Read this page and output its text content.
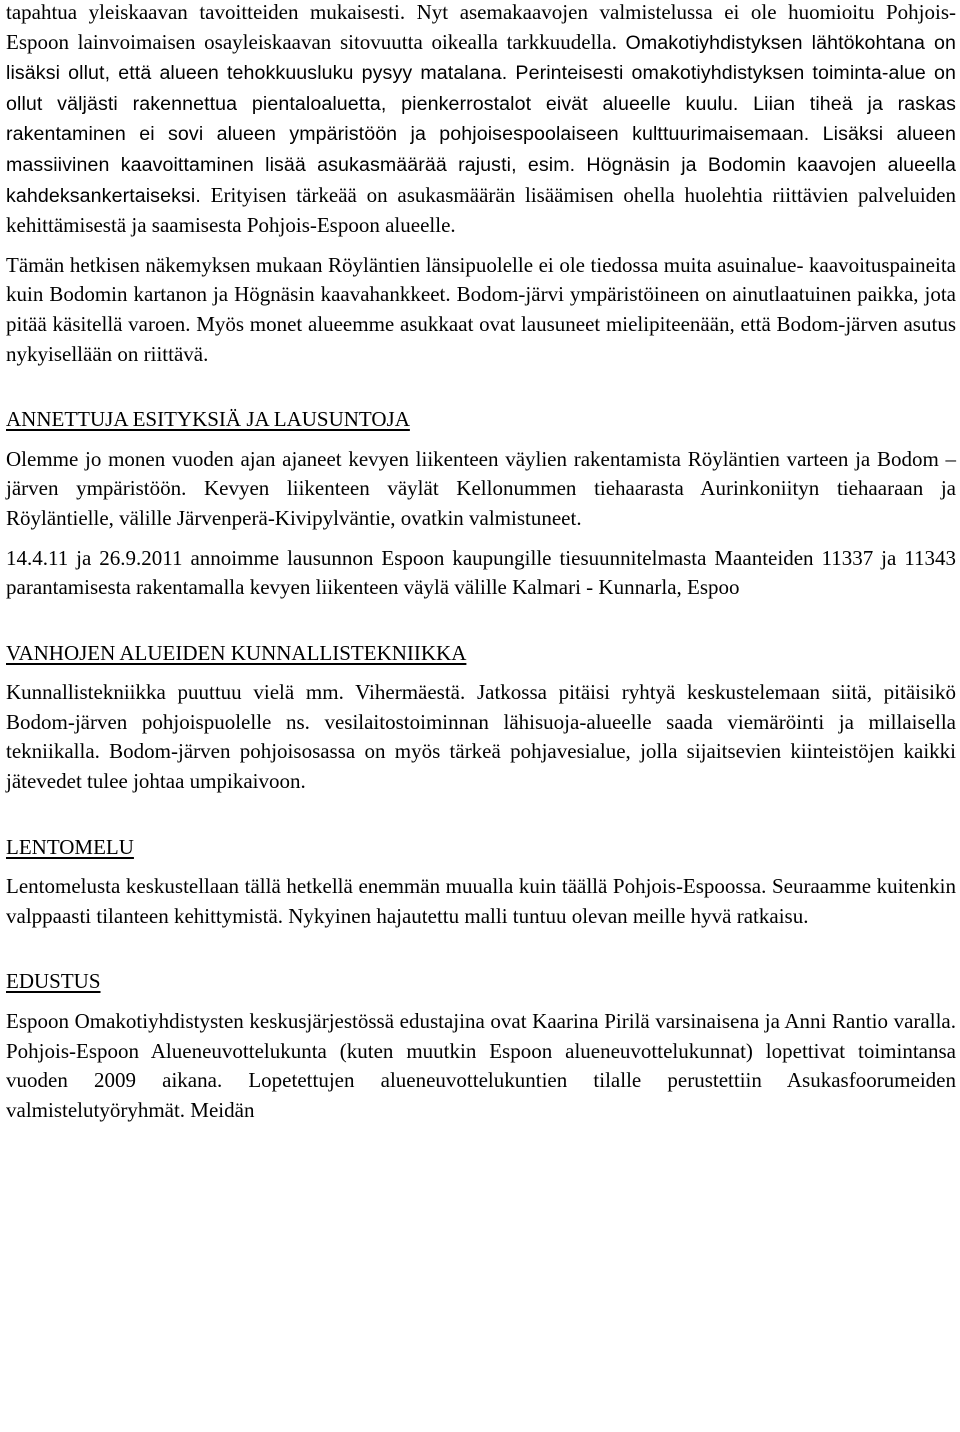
tapahtua yleiskaavan tavoitteiden mukaisesti. Nyt asemakaavojen valmistelussa ei ole huomioitu Pohjois-Espoon lainvoimaisen osayleiskaavan sitovuutta oikealla tarkkuudella. Omakotiyhdistyksen lähtökohtana on lisäksi ollut, että alueen tehokkuusluku pysyy matalana. Perinteisesti omakotiyhdistyksen toiminta-alue on ollut väljästi rakennettua pientaloaluetta, pienkerrostalot eivät alueelle kuulu. Liian tiheä ja raskas rakentaminen ei sovi alueen ympäristöön ja pohjoisespoolaiseen kulttuurimaisemaan. Lisäksi alueen massiivinen kaavoittaminen lisää asukasmäärää rajusti, esim. Högnäsin ja Bodomin kaavojen alueella kahdeksankertaiseksi. Erityisen tärkeää on asukasmäärän lisäämisen ohella huolehtia riittävien palveluiden kehittämisestä ja saamisesta Pohjois-Espoon alueelle.

Tämän hetkisen näkemyksen mukaan Röyläntien länsipuolelle ei ole tiedossa muita asuinalue- kaavoituspaineita kuin Bodomin kartanon ja Högnäsin kaavahankkeet. Bodom-järvi ympäristöineen on ainutlaatuinen paikka, jota pitää käsitellä varoen. Myös monet alueemme asukkaat ovat lausuneet mielipiteenään, että Bodom-järven asutus nykyisellään on riittävä.

ANNETTUJA ESITYKSIÄ JA LAUSUNTOJA

Olemme jo monen vuoden ajan ajaneet kevyen liikenteen väylien rakentamista Röyläntien varteen ja Bodom –järven ympäristöön. Kevyen liikenteen väylät Kellonummen tiehaarasta Aurinkoniityn tiehaaraan ja Röyläntielle, välille Järvenperä-Kivipylväntie, ovatkin valmistuneet.

14.4.11 ja 26.9.2011 annoimme lausunnon Espoon kaupungille tiesuunnitelmasta Maanteiden 11337 ja 11343 parantamisesta rakentamalla kevyen liikenteen väylä välille Kalmari - Kunnarla, Espoo

VANHOJEN ALUEIDEN KUNNALLISTEKNIIKKA

Kunnallistekniikka puuttuu vielä mm. Vihermäestä. Jatkossa pitäisi ryhtyä keskustelemaan siitä, pitäisikö Bodom-järven pohjoispuolelle ns. vesilaitostoiminnan lähisuoja-alueelle saada viemäröinti ja millaisella tekniikalla. Bodom-järven pohjoisosassa on myös tärkeä pohjavesialue, jolla sijaitsevien kiinteistöjen kaikki jätevedet tulee johtaa umpikaivoon.

LENTOMELU

Lentomelusta keskustellaan tällä hetkellä enemmän muualla kuin täällä Pohjois-Espoossa. Seuraamme kuitenkin valppaasti tilanteen kehittymistä. Nykyinen hajautettu malli tuntuu olevan meille hyvä ratkaisu.

EDUSTUS

Espoon Omakotiyhdistysten keskusjärjestössä edustajina ovat Kaarina Pirilä varsinaisena ja Anni Rantio varalla. Pohjois-Espoon Alueneuvottelukunta (kuten muutkin Espoon alueneuvottelukunnat) lopettivat toimintansa vuoden 2009 aikana. Lopetettujen alueneuvottelukuntien tilalle perustettiin Asukasfoorumeiden valmistelutyöryhmät. Meidän
